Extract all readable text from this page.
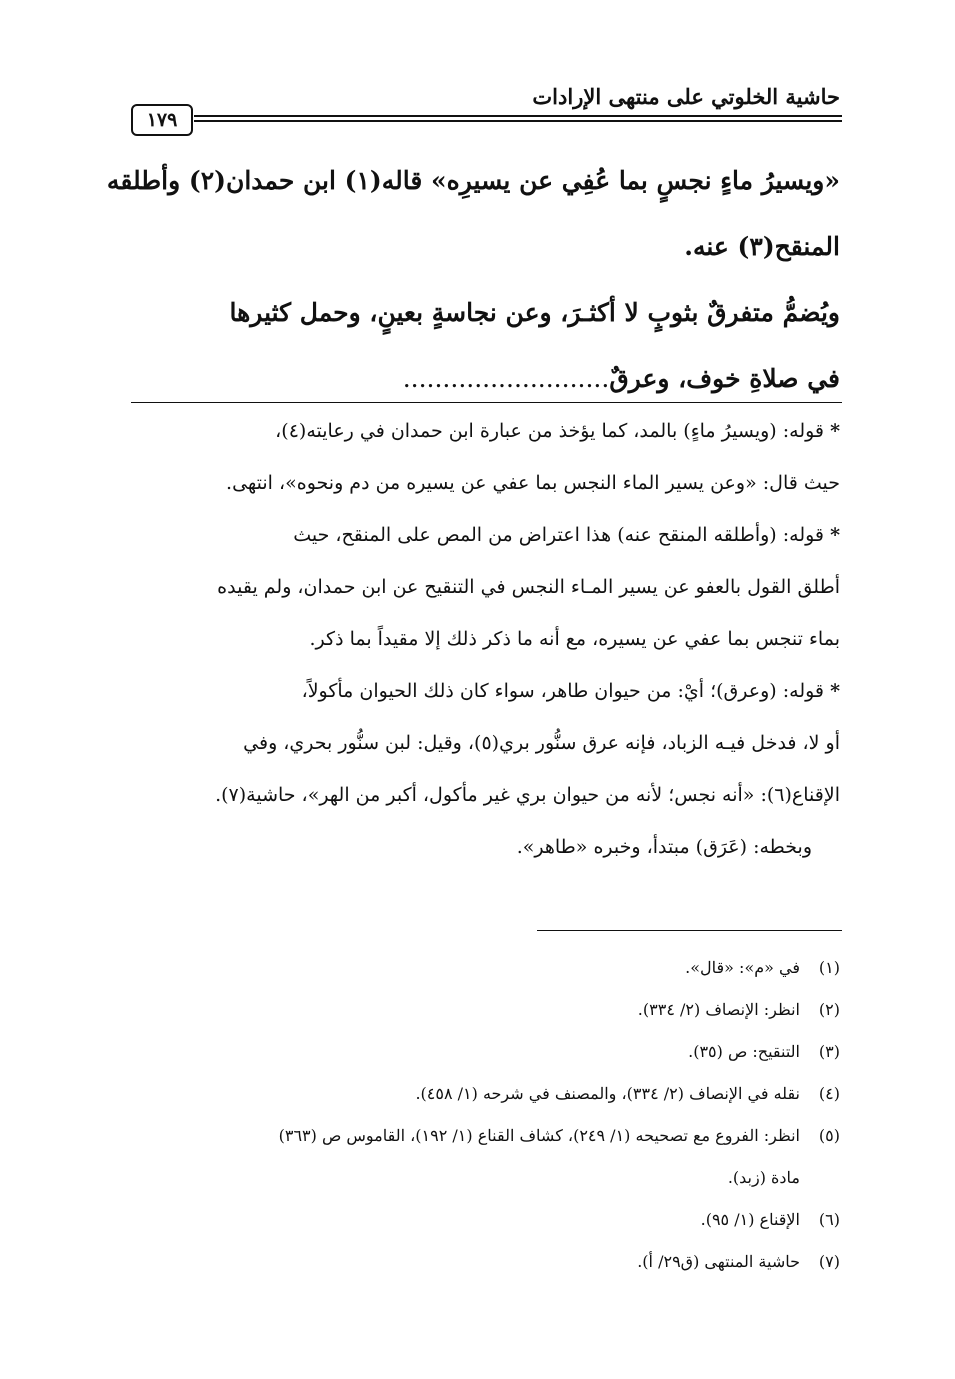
حاشية الخلوتي على منتهى الإرادات
١٧٩
«ويسيرُ ماءٍ نجسٍ بما عُفِي عن يسيرِه» قاله(١) ابن حمدان(٢) وأطلقه
المنقح(٣) عنه.
ويُضمُّ متفرقٌ بثوبٍ لا أكثـرَ، وعن نجاسةٍ بعينٍ، وحمل كثيرها
في صلاةِ خوف، وعرقٌ..........................

* قوله: (ويسيرُ ماءٍ) بالمد، كما يؤخذ من عبارة ابن حمدان في رعايته(٤)،

حيث قال: «وعن يسير الماء النجس بما عفي عن يسيره من دم ونحوه»، انتهى.

* قوله: (وأطلقه المنقح عنه) هذا اعتراض من المص على المنقح، حيث

أطلق القول بالعفو عن يسير المـاء النجس في التنقيح عن ابن حمدان، ولم يقيده

بماء تنجس بما عفي عن يسيره، مع أنه ما ذكر ذلك إلا مقيداً بما ذكر.

* قوله: (وعرق)؛ أيْ: من حيوان طاهر، سواء كان ذلك الحيوان مأكولاً،

أو لا، فدخل فيـه الزباد، فإنه عرق سنُّور بري(٥)، وقيل: لبن سنُّور بحري، وفي

الإقناع(٦): «أنه نجس؛ لأنه من حيوان بري غير مأكول، أكبر من الهر»، حاشية(٧).

وبخطه: (عَرَق) مبتدأ، وخبره «طاهر».

(١)في «م»: «قال».
(٢)انظر: الإنصاف (٢/ ٣٣٤).
(٣)التنقيح: ص (٣٥).
(٤)نقله في الإنصاف (٢/ ٣٣٤)، والمصنف في شرحه (١/ ٤٥٨).
(٥)انظر: الفروع مع تصحيحه (١/ ٢٤٩)، كشاف القناع (١/ ١٩٢)، القاموس ص (٣٦٣)
مادة (زبد).
(٦)الإقناع (١/ ٩٥).
(٧)حاشية المنتهى (ق٢٩/ أ).
